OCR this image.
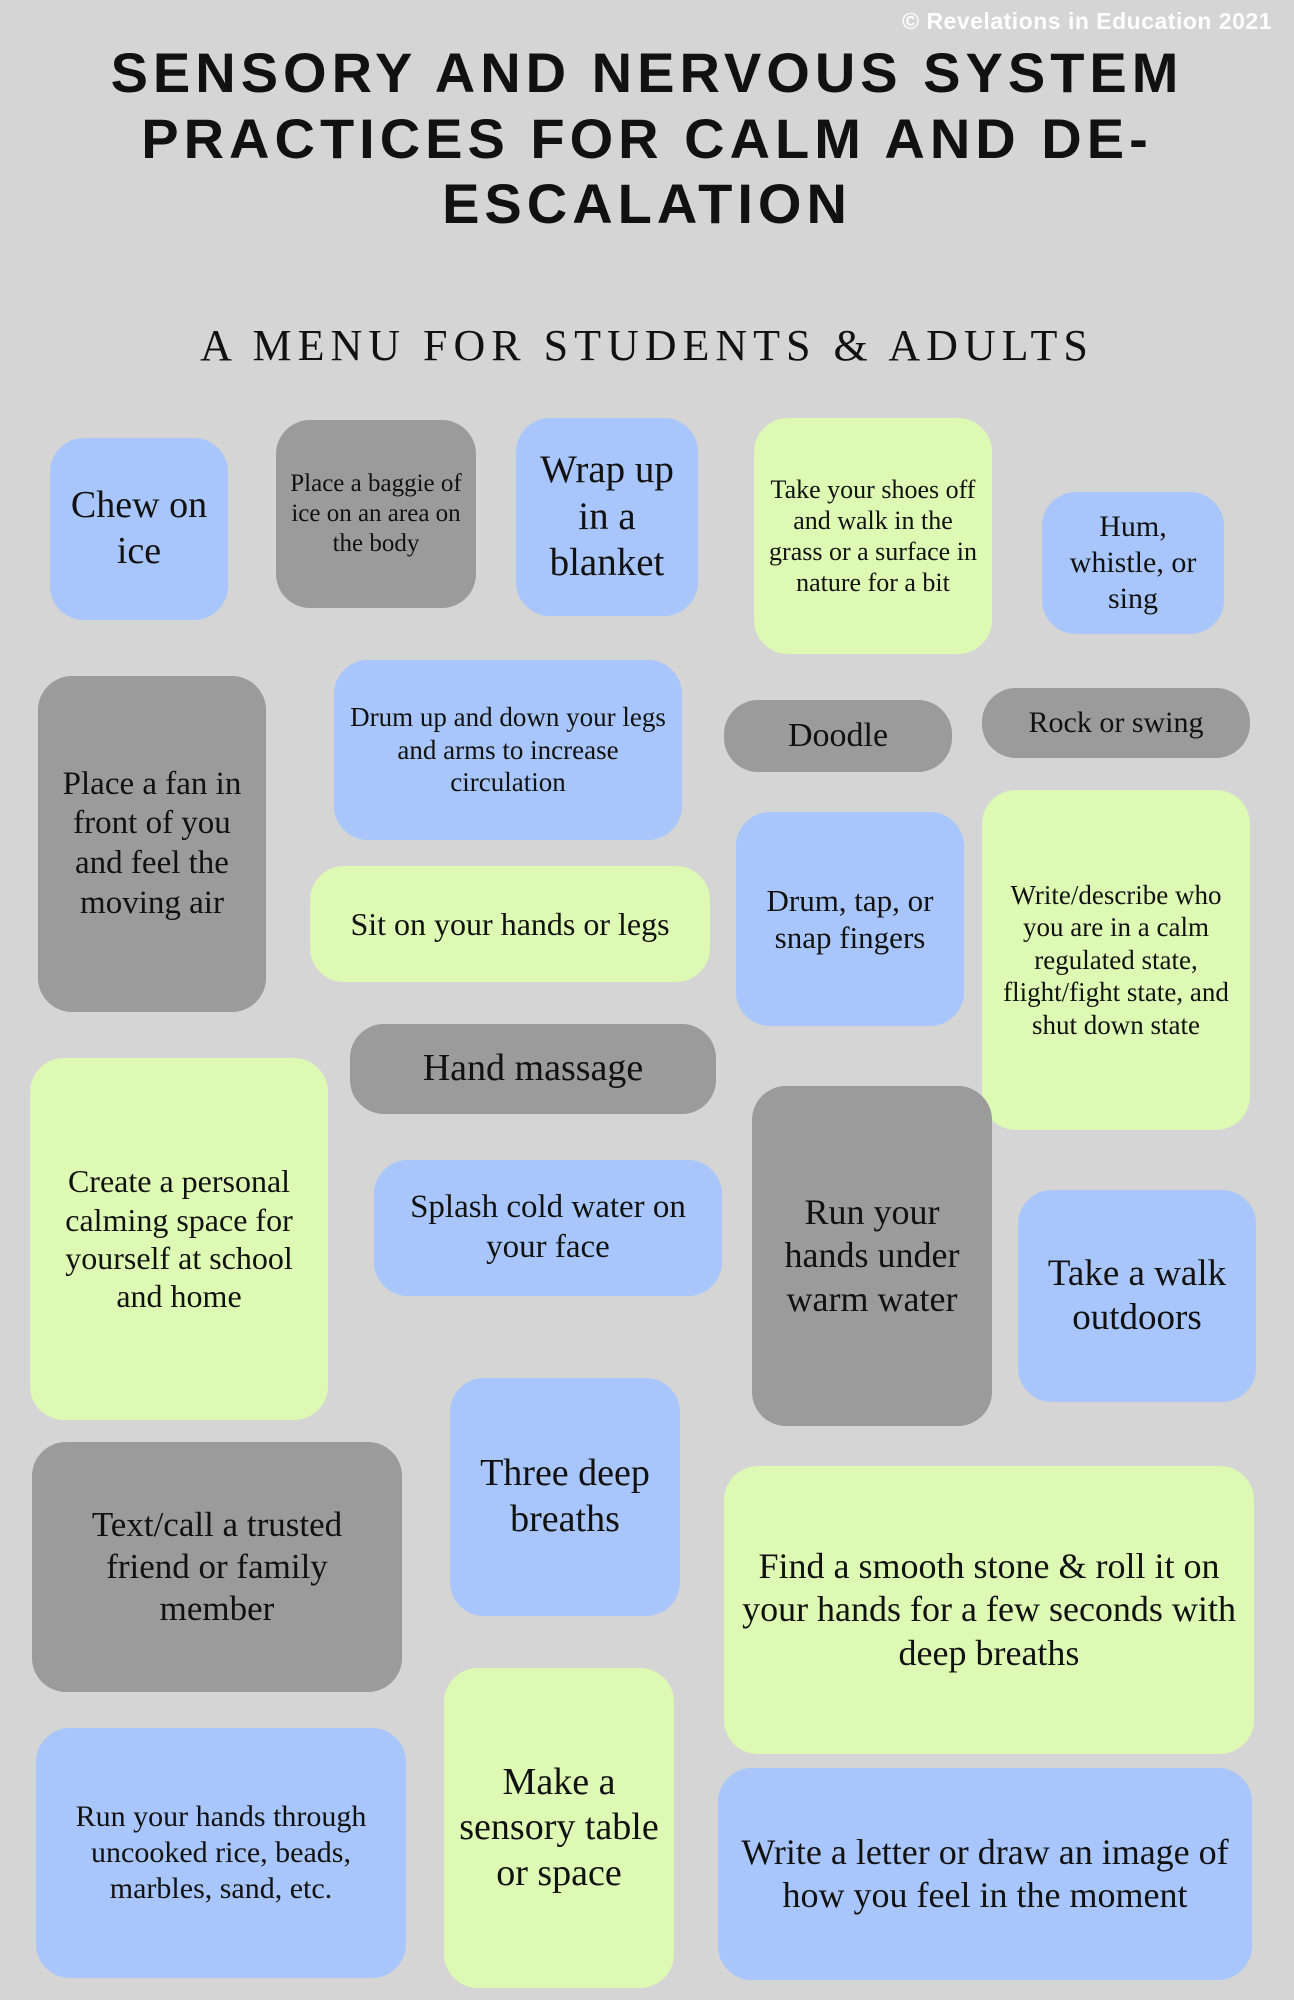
© Revelations in Education 2021
SENSORY AND NERVOUS SYSTEM PRACTICES FOR CALM AND DE-ESCALATION
A MENU FOR STUDENTS & ADULTS
Chew on ice
Place a baggie of ice on an area on the body
Wrap up in a blanket
Take your shoes off and walk in the grass or a surface in nature for a bit
Hum, whistle, or sing
Place a fan in front of you and feel the moving air
Drum up and down your legs and arms to increase circulation
Doodle	Rock or swing
Sit on your hands or legs
Drum, tap, or snap fingers
Write/describe who you are in a calm regulated state, flight/fight state, and shut down state
Hand massage
Create a personal calming space for yourself at school and home
Run your hands under warm water
Splash cold water on your face
Take a walk outdoors
Text/call a trusted friend or family member
Three deep breaths
Find a smooth stone & roll it on your hands for a few seconds with deep breaths
Run your hands through uncooked rice, beads, marbles, sand, etc.
Make a sensory table or space	Write a letter or draw an image of how you feel in the moment
